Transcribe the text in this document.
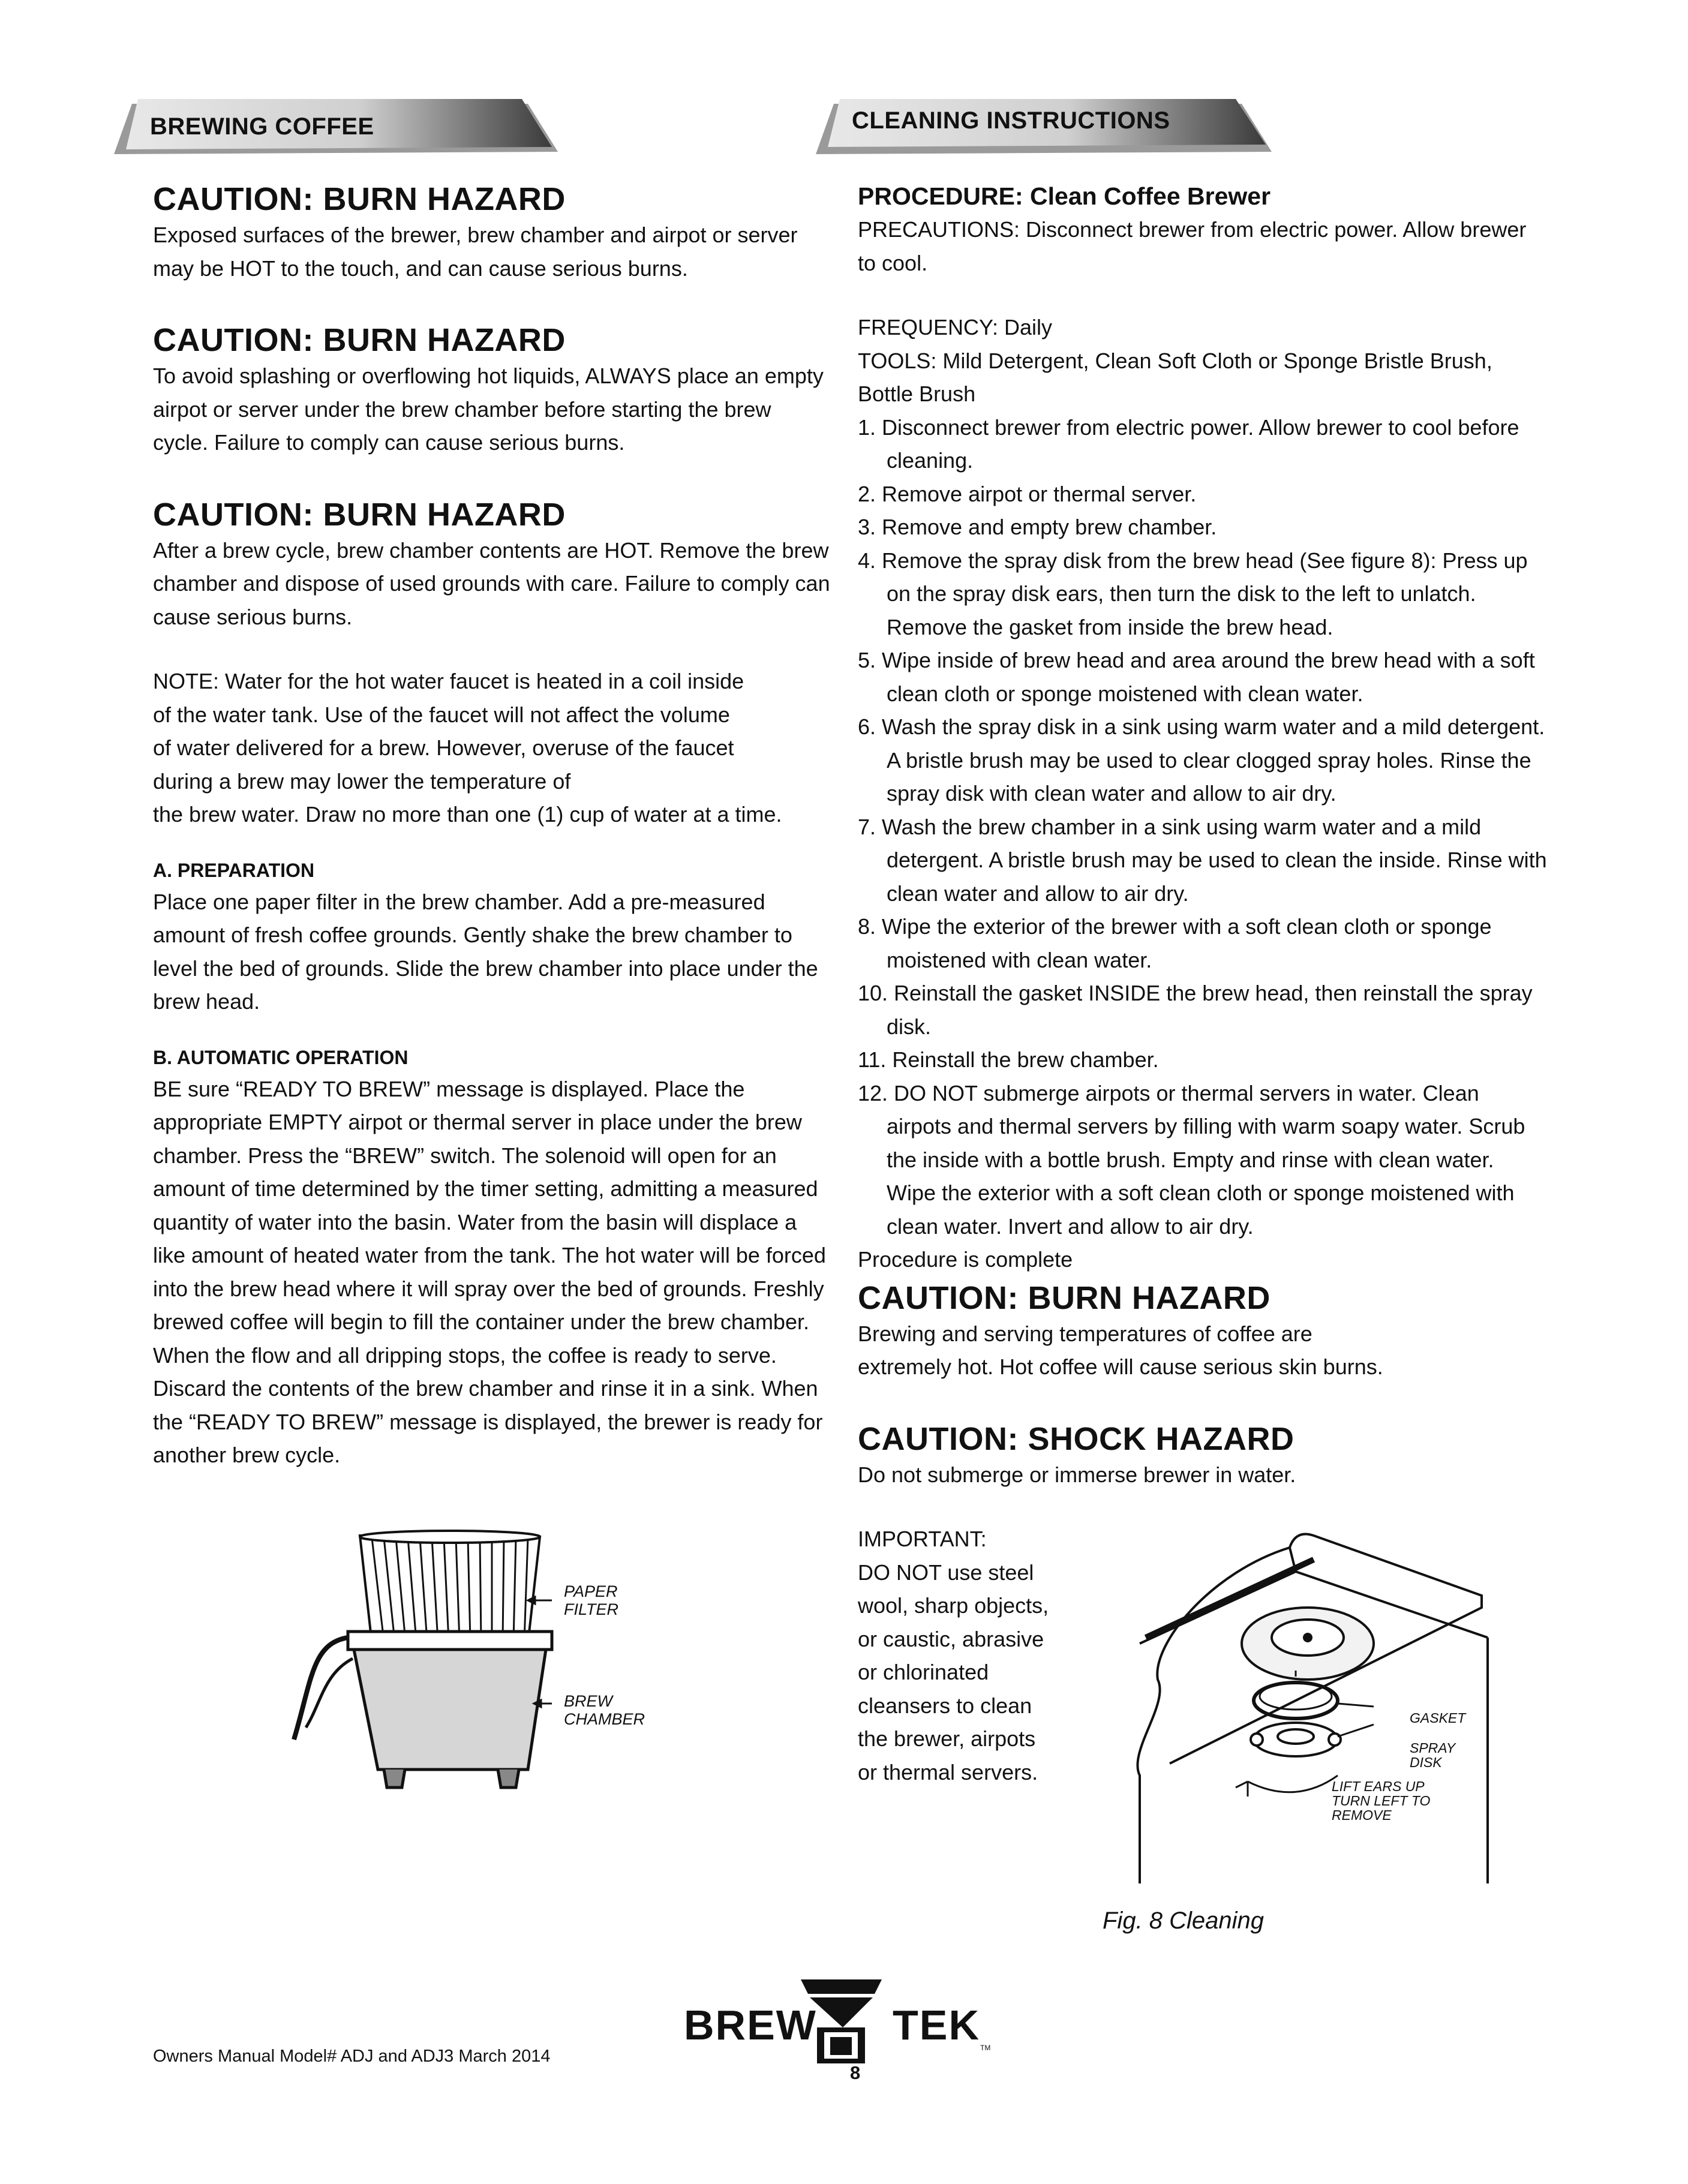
BREWING COFFEE	CLEANING INSTRUCTIONS
CAUTION: BURN HAZARD

Exposed surfaces of the brewer, brew chamber and airpot or server may be HOT to the touch, and can cause serious burns.

CAUTION: BURN HAZARD

To avoid splashing or overflowing hot liquids, ALWAYS place an empty airpot or server under the brew chamber before starting the brew cycle. Failure to comply can cause serious burns.

CAUTION: BURN HAZARD

After a brew cycle, brew chamber contents are HOT. Remove the brew chamber and dispose of used grounds with care. Failure to comply can cause serious burns.

NOTE: Water for the hot water faucet is heated in a coil inside

of the water tank. Use of the faucet will not affect the volume

of water delivered for a brew. However, overuse of the faucet

during a brew may lower the temperature of

the brew water. Draw no more than one (1) cup of water at a time.

A. PREPARATION

Place one paper filter in the brew chamber. Add a pre-measured amount of fresh coffee grounds. Gently shake the brew chamber to level the bed of grounds. Slide the brew chamber into place under the brew head.

B. AUTOMATIC OPERATION

BE sure “READY TO BREW” message is displayed. Place the appropriate EMPTY airpot or thermal server in place under the brew chamber. Press the “BREW” switch. The solenoid will open for an amount of time determined by the timer setting, admitting a measured quantity of water into the basin. Water from the basin will displace a like amount of heated water from the tank. The hot water will be forced into the brew head where it will spray over the bed of grounds. Freshly brewed coffee will begin to fill the container under the brew chamber. When the flow and all dripping stops, the coffee is ready to serve. Discard the contents of the brew chamber and rinse it in a sink. When the “READY TO BREW” message is displayed, the brewer is ready for another brew cycle.

PAPER
FILTER
BREW
CHAMBER
PROCEDURE: Clean Coffee Brewer

PRECAUTIONS: Disconnect brewer from electric power. Allow brewer to cool.

FREQUENCY: Daily

TOOLS: Mild Detergent, Clean Soft Cloth or Sponge Bristle Brush, Bottle Brush

1. Disconnect brewer from electric power. Allow brewer to cool before cleaning.
2. Remove airpot or thermal server.
3. Remove and empty brew chamber.
4. Remove the spray disk from the brew head (See figure 8): Press up on the spray disk ears, then turn the disk to the left to unlatch. Remove the gasket from inside the brew head.
5. Wipe inside of brew head and area around the brew head with a soft clean cloth or sponge moistened with clean water.
6. Wash the spray disk in a sink using warm water and a mild detergent. A bristle brush may be used to clear clogged spray holes. Rinse the spray disk with clean water and allow to air dry.
7. Wash the brew chamber in a sink using warm water and a mild detergent. A bristle brush may be used to clean the inside. Rinse with clean water and allow to air dry.
8. Wipe the exterior of the brewer with a soft clean cloth or sponge moistened with clean water.
10. Reinstall the gasket INSIDE the brew head, then reinstall the spray disk.
11. Reinstall the brew chamber.
12. DO NOT submerge airpots or thermal servers in water. Clean airpots and thermal servers by filling with warm soapy water. Scrub the inside with a bottle brush. Empty and rinse with clean water. Wipe the exterior with a soft clean cloth or sponge moistened with clean water. Invert and allow to air dry.

Procedure is complete

CAUTION: BURN HAZARD

Brewing and serving temperatures of coffee are

extremely hot. Hot coffee will cause serious skin burns.

CAUTION: SHOCK HAZARD

Do not submerge or immerse brewer in water.

IMPORTANT:

DO NOT use steel

wool, sharp objects,

or caustic, abrasive

or chlorinated

cleansers to clean

the brewer, airpots

or thermal servers.

GASKET
SPRAY
DISK
LIFT EARS UP
TURN LEFT TO
REMOVE
Fig. 8 Cleaning
BREW TEK TM
Owners Manual Model# ADJ and ADJ3 March 2014
8
